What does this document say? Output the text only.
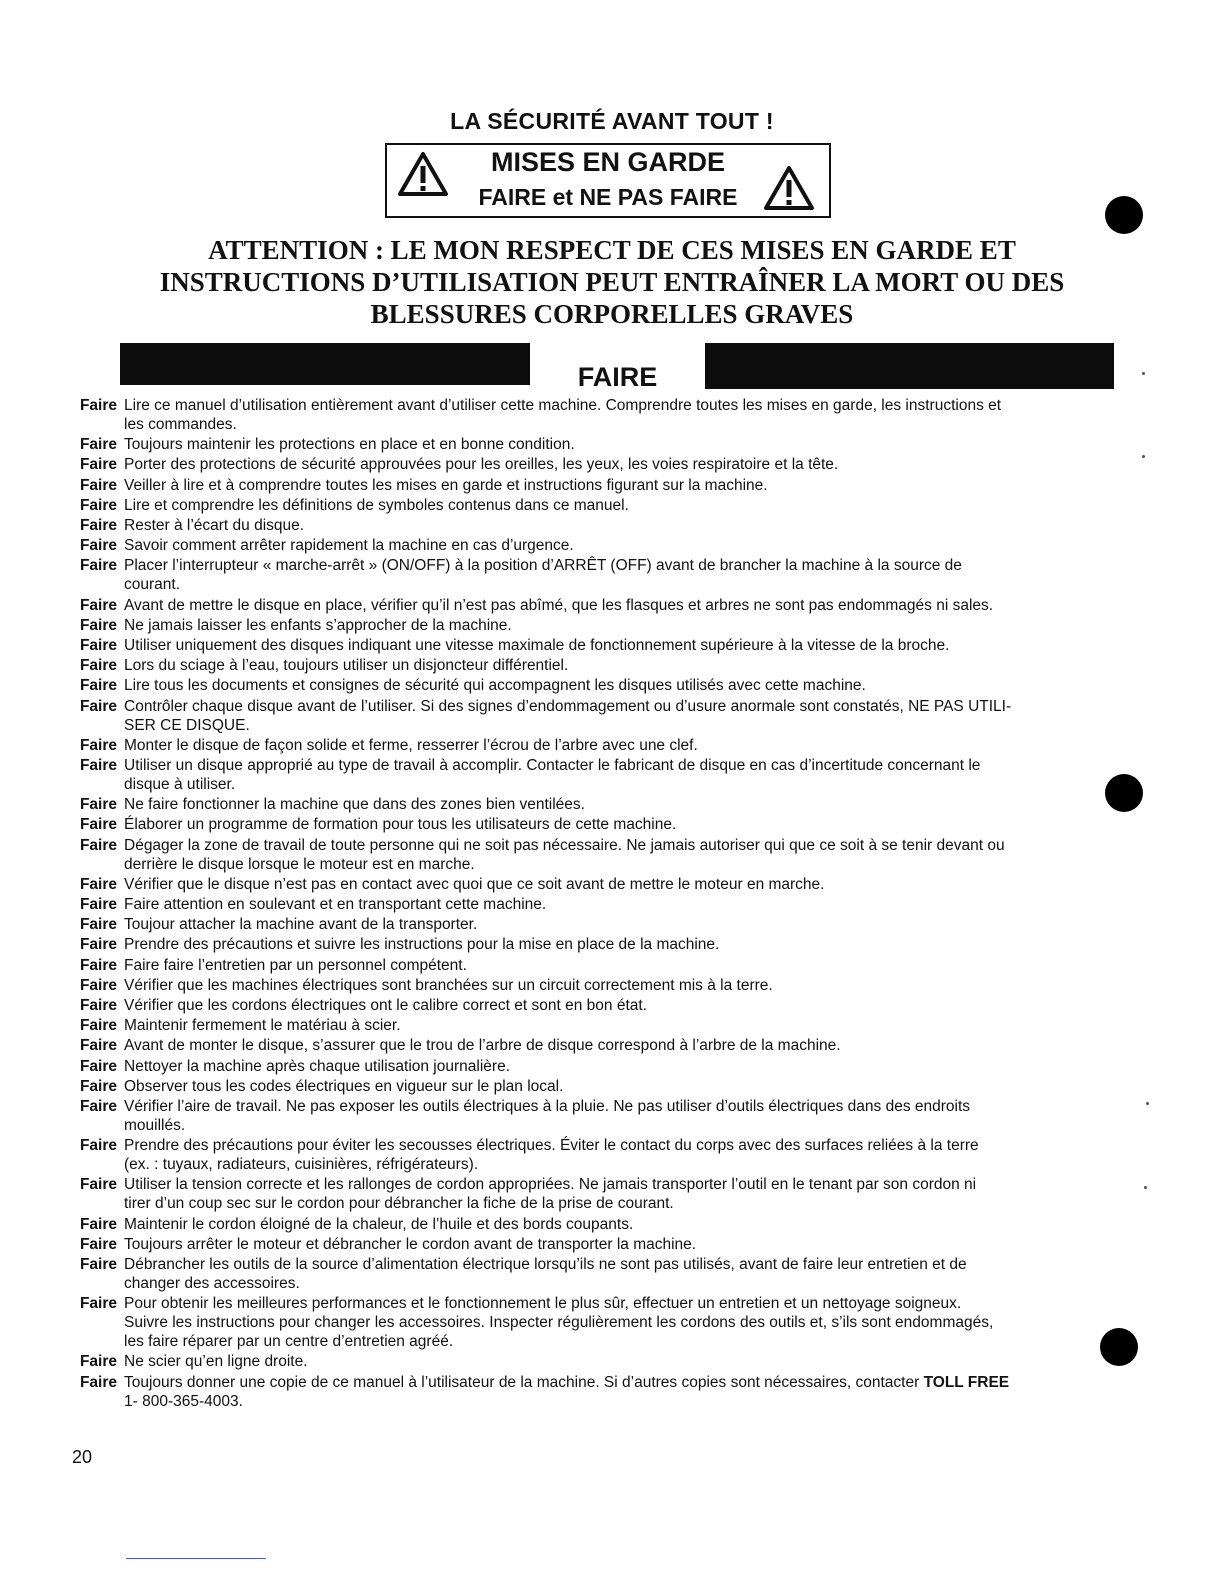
LA SÉCURITÉ AVANT TOUT !
MISES EN GARDE
FAIRE et NE PAS FAIRE
ATTENTION : LE MON RESPECT DE CES MISES EN GARDE ET
INSTRUCTIONS D’UTILISATION PEUT ENTRAÎNER LA MORT OU DES
BLESSURES CORPORELLES GRAVES
FAIRE
Faire Lire ce manuel d’utilisation entièrement avant d’utiliser cette machine. Comprendre toutes les mises en garde, les instructions et
les commandes.
Faire Toujours maintenir les protections en place et en bonne condition.
Faire Porter des protections de sécurité approuvées pour les oreilles, les yeux, les voies respiratoire et la tête.
Faire Veiller à lire et à comprendre toutes les mises en garde et instructions figurant sur la machine.
Faire Lire et comprendre les définitions de symboles contenus dans ce manuel.
Faire Rester à l’écart du disque.
Faire Savoir comment arrêter rapidement la machine en cas d’urgence.
Faire Placer l’interrupteur « marche-arrêt » (ON/OFF) à la position d’ARRÊT (OFF) avant de brancher la machine à la source de
courant.
Faire Avant de mettre le disque en place, vérifier qu’il n’est pas abîmé, que les flasques et arbres ne sont pas endommagés ni sales.
Faire Ne jamais laisser les enfants s’approcher de la machine.
Faire Utiliser uniquement des disques indiquant une vitesse maximale de fonctionnement supérieure à la vitesse de la broche.
Faire Lors du sciage à l’eau, toujours utiliser un disjoncteur différentiel.
Faire Lire tous les documents et consignes de sécurité qui accompagnent les disques utilisés avec cette machine.
Faire Contrôler chaque disque avant de l’utiliser. Si des signes d’endommagement ou d’usure anormale sont constatés, NE PAS UTILI-
SER CE DISQUE.
Faire Monter le disque de façon solide et ferme, resserrer l’écrou de l’arbre avec une clef.
Faire Utiliser un disque approprié au type de travail à accomplir. Contacter le fabricant de disque en cas d’incertitude concernant le
disque à utiliser.
Faire Ne faire fonctionner la machine que dans des zones bien ventilées.
Faire Élaborer un programme de formation pour tous les utilisateurs de cette machine.
Faire Dégager la zone de travail de toute personne qui ne soit pas nécessaire. Ne jamais autoriser qui que ce soit à se tenir devant ou
derrière le disque lorsque le moteur est en marche.
Faire Vérifier que le disque n’est pas en contact avec quoi que ce soit avant de mettre le moteur en marche.
Faire Faire attention en soulevant et en transportant cette machine.
Faire Toujour attacher la machine avant de la transporter.
Faire Prendre des précautions et suivre les instructions pour la mise en place de la machine.
Faire Faire faire l’entretien par un personnel compétent.
Faire Vérifier que les machines électriques sont branchées sur un circuit correctement mis à la terre.
Faire Vérifier que les cordons électriques ont le calibre correct et sont en bon état.
Faire Maintenir fermement le matériau à scier.
Faire Avant de monter le disque, s’assurer que le trou de l’arbre de disque correspond à l’arbre de la machine.
Faire Nettoyer la machine après chaque utilisation journalière.
Faire Observer tous les codes électriques en vigueur sur le plan local.
Faire Vérifier l’aire de travail. Ne pas exposer les outils électriques à la pluie. Ne pas utiliser d’outils électriques dans des endroits
mouillés.
Faire Prendre des précautions pour éviter les secousses électriques. Éviter le contact du corps avec des surfaces reliées à la terre
(ex. : tuyaux, radiateurs, cuisinières, réfrigérateurs).
Faire Utiliser la tension correcte et les rallonges de cordon appropriées. Ne jamais transporter l’outil en le tenant par son cordon ni
tirer d’un coup sec sur le cordon pour débrancher la fiche de la prise de courant.
Faire Maintenir le cordon éloigné de la chaleur, de l’huile et des bords coupants.
Faire Toujours arrêter le moteur et débrancher le cordon avant de transporter la machine.
Faire Débrancher les outils de la source d’alimentation électrique lorsqu’ils ne sont pas utilisés, avant de faire leur entretien et de
changer des accessoires.
Faire Pour obtenir les meilleures performances et le fonctionnement le plus sûr, effectuer un entretien et un nettoyage soigneux.
Suivre les instructions pour changer les accessoires. Inspecter régulièrement les cordons des outils et, s’ils sont endommagés,
les faire réparer par un centre d’entretien agréé.
Faire Ne scier qu’en ligne droite.
Faire Toujours donner une copie de ce manuel à l’utilisateur de la machine. Si d’autres copies sont nécessaires, contacter TOLL FREE
1- 800-365-4003.
20
